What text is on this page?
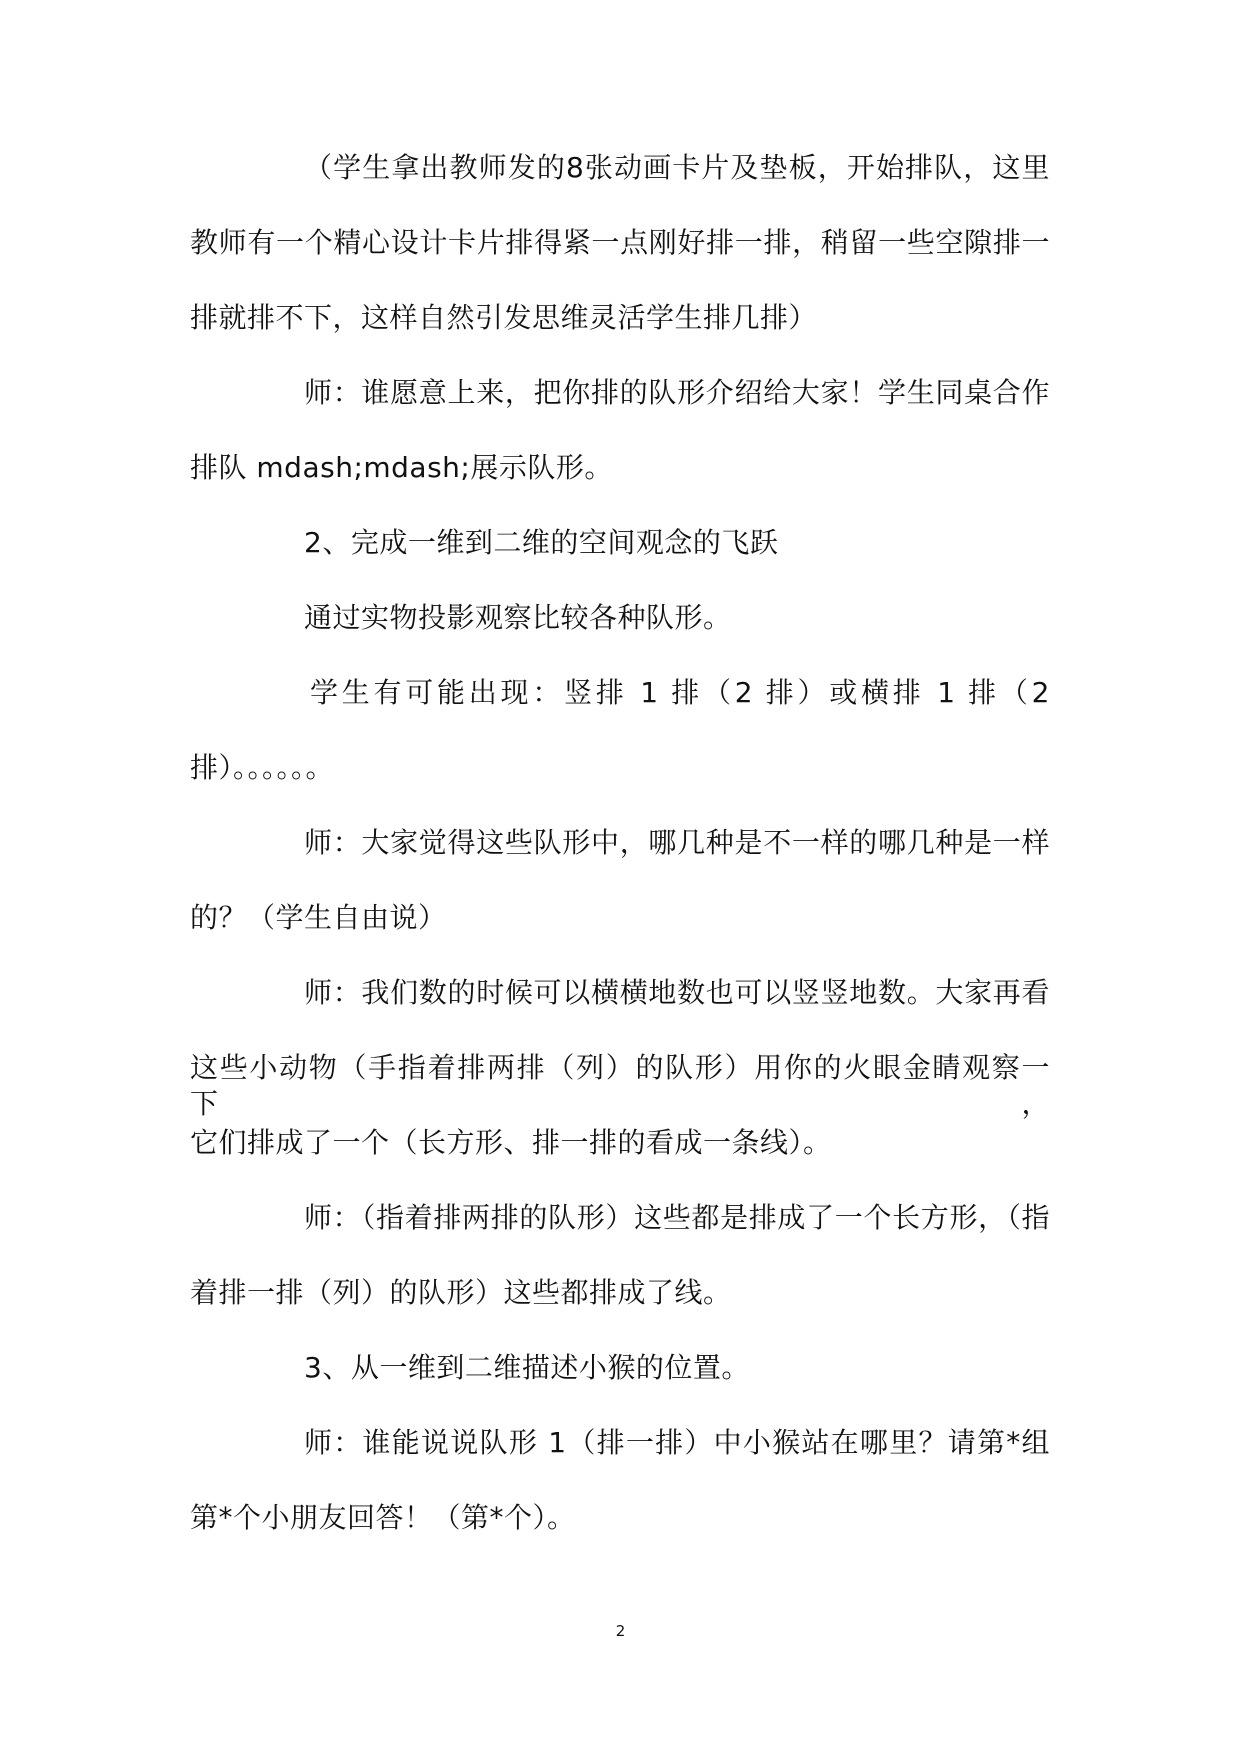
（学生拿出教师发的8张动画卡片及垫板，开始排队，这里
教师有一个精心设计卡片排得紧一点刚好排一排，稍留一些空隙排一
排就排不下，这样自然引发思维灵活学生排几排）
师：谁愿意上来，把你排的队形介绍给大家！学生同桌合作
排队 mdash;mdash;展示队形。
2、完成一维到二维的空间观念的飞跃
通过实物投影观察比较各种队形。
学生有可能出现：竖排 1 排（2 排）或横排 1 排（2
排）。。。。。。
师：大家觉得这些队形中，哪几种是不一样的哪几种是一样
的？（学生自由说）
师：我们数的时候可以横横地数也可以竖竖地数。大家再看
这些小动物（手指着排两排（列）的队形）用你的火眼金睛观察一下，
它们排成了一个（长方形、排一排的看成一条线）。
师：（指着排两排的队形）这些都是排成了一个长方形，（指
着排一排（列）的队形）这些都排成了线。
3、从一维到二维描述小猴的位置。
师：谁能说说队形 1（排一排）中小猴站在哪里？请第*组
第*个小朋友回答！（第*个）。
2
